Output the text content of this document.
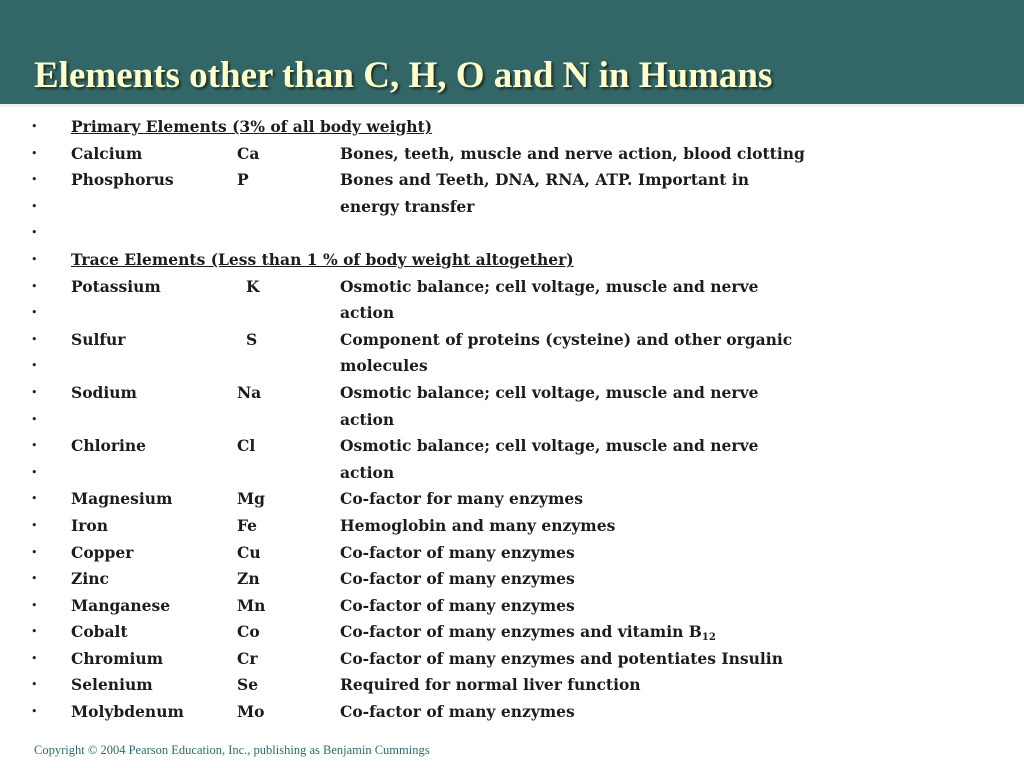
Elements other than C, H, O and N in Humans
• Primary Elements (3% of all body weight)
• Calcium	Ca	Bones, teeth, muscle and nerve action, blood clotting
• Phosphorus	P	Bones and Teeth, DNA, RNA, ATP. Important in
•	energy transfer
•
• Trace Elements (Less than 1 % of body weight altogether)
• Potassium	K	Osmotic balance; cell voltage, muscle and nerve
•	action
• Sulfur	S	Component of proteins (cysteine) and other organic
•	molecules
• Sodium	Na	Osmotic balance; cell voltage, muscle and nerve
•	action
• Chlorine	Cl	Osmotic balance; cell voltage, muscle and nerve
•	action
• Magnesium	Mg	Co-factor for many enzymes
• Iron	Fe	Hemoglobin and many enzymes
• Copper	Cu	Co-factor of many enzymes
• Zinc	Zn	Co-factor of many enzymes
• Manganese	Mn	Co-factor of many enzymes
• Cobalt	Co	Co-factor of many enzymes and vitamin B12
• Chromium	Cr	Co-factor of many enzymes and potentiates Insulin
• Selenium	Se	Required for normal liver function
• Molybdenum	Mo	Co-factor of many enzymes
Copyright © 2004 Pearson Education, Inc., publishing as Benjamin Cummings
